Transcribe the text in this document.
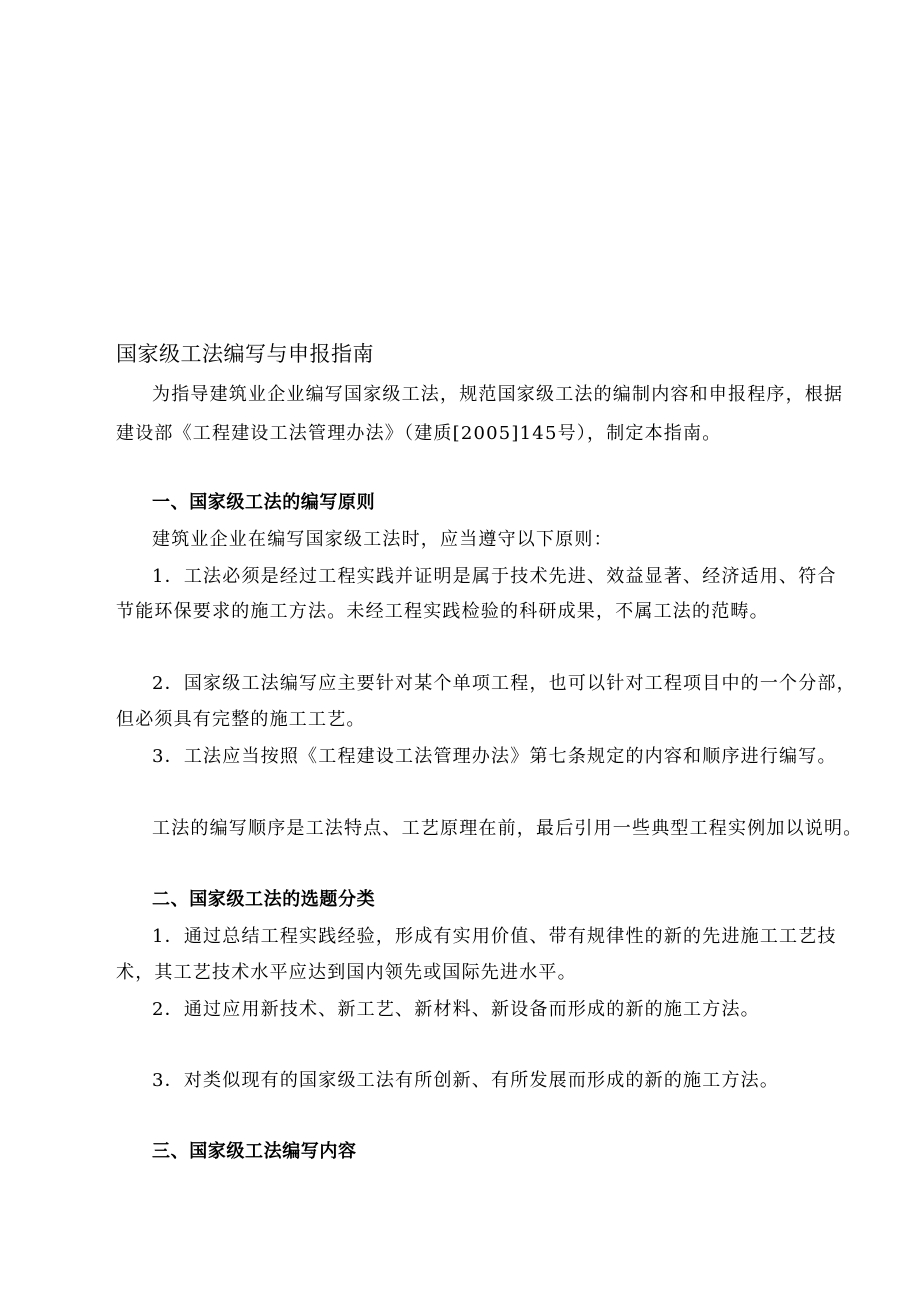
国家级工法编写与申报指南
为指导建筑业企业编写国家级工法，规范国家级工法的编制内容和申报程序，根据
建设部《工程建设工法管理办法》（建质[2005]145号），制定本指南。
一、国家级工法的编写原则
建筑业企业在编写国家级工法时，应当遵守以下原则：
1．工法必须是经过工程实践并证明是属于技术先进、效益显著、经济适用、符合
节能环保要求的施工方法。未经工程实践检验的科研成果，不属工法的范畴。
2．国家级工法编写应主要针对某个单项工程，也可以针对工程项目中的一个分部，
但必须具有完整的施工工艺。
3．工法应当按照《工程建设工法管理办法》第七条规定的内容和顺序进行编写。
工法的编写顺序是工法特点、工艺原理在前，最后引用一些典型工程实例加以说明。
二、国家级工法的选题分类
1．通过总结工程实践经验，形成有实用价值、带有规律性的新的先进施工工艺技
术，其工艺技术水平应达到国内领先或国际先进水平。
2．通过应用新技术、新工艺、新材料、新设备而形成的新的施工方法。
3．对类似现有的国家级工法有所创新、有所发展而形成的新的施工方法。
三、国家级工法编写内容
